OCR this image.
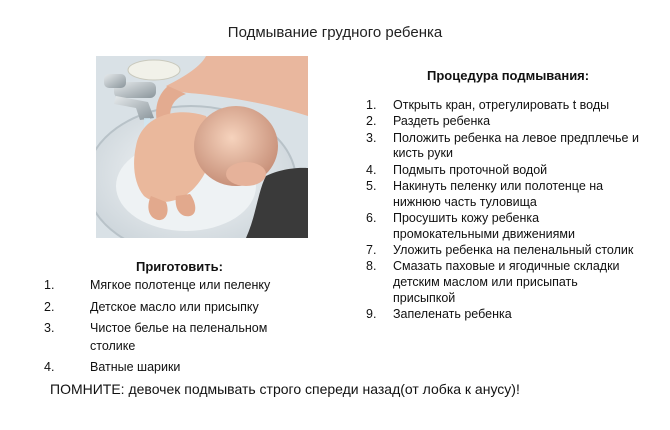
Подмывание грудного ребенка
Приготовить:
1.	Мягкое полотенце или пеленку
2.	Детское масло или присыпку
3.	Чистое белье на пеленальном столике
4.	Ватные шарики
Процедура подмывания:
1.	Открыть кран, отрегулировать t воды
2.	Раздеть ребенка
3.	Положить ребенка на левое предплечье и кисть руки
4.	Подмыть проточной водой
5.	Накинуть пеленку или полотенце на нижнюю часть туловища
6.	Просушить кожу ребенка промокательными движениями
7.	Уложить ребенка на пеленальный столик
8.	Смазать паховые и ягодичные складки детским маслом или присыпать присыпкой
9.	Запеленать ребенка
ПОМНИТЕ: девочек подмывать строго спереди назад(от лобка к анусу)!
